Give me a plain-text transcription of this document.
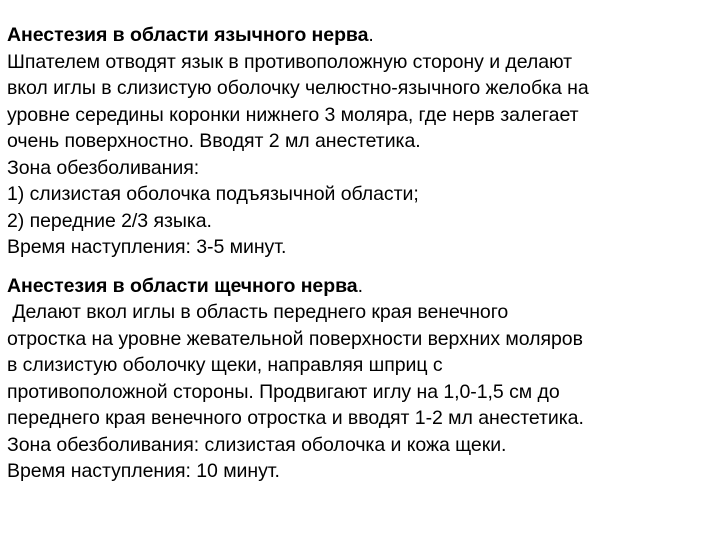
Анестезия в области язычного нерва.
Шпателем отводят язык в противоположную сторону и делают
вкол иглы в слизистую оболочку челюстно-язычного желобка на
уровне середины коронки нижнего 3 моляра, где нерв залегает
очень поверхностно. Вводят 2 мл анестетика.
Зона обезболивания:
1) слизистая оболочка подъязычной области;
2) передние 2/3 языка.
Время наступления: 3-5 минут.
Анестезия в области щечного нерва.
Делают вкол иглы в область переднего края венечного
отростка на уровне жевательной поверхности верхних моляров
в слизистую оболочку щеки, направляя шприц с
противоположной стороны. Продвигают иглу на 1,0-1,5 см до
переднего края венечного отростка и вводят 1-2 мл анестетика.
Зона обезболивания: слизистая оболочка и кожа щеки.
Время наступления: 10 минут.
